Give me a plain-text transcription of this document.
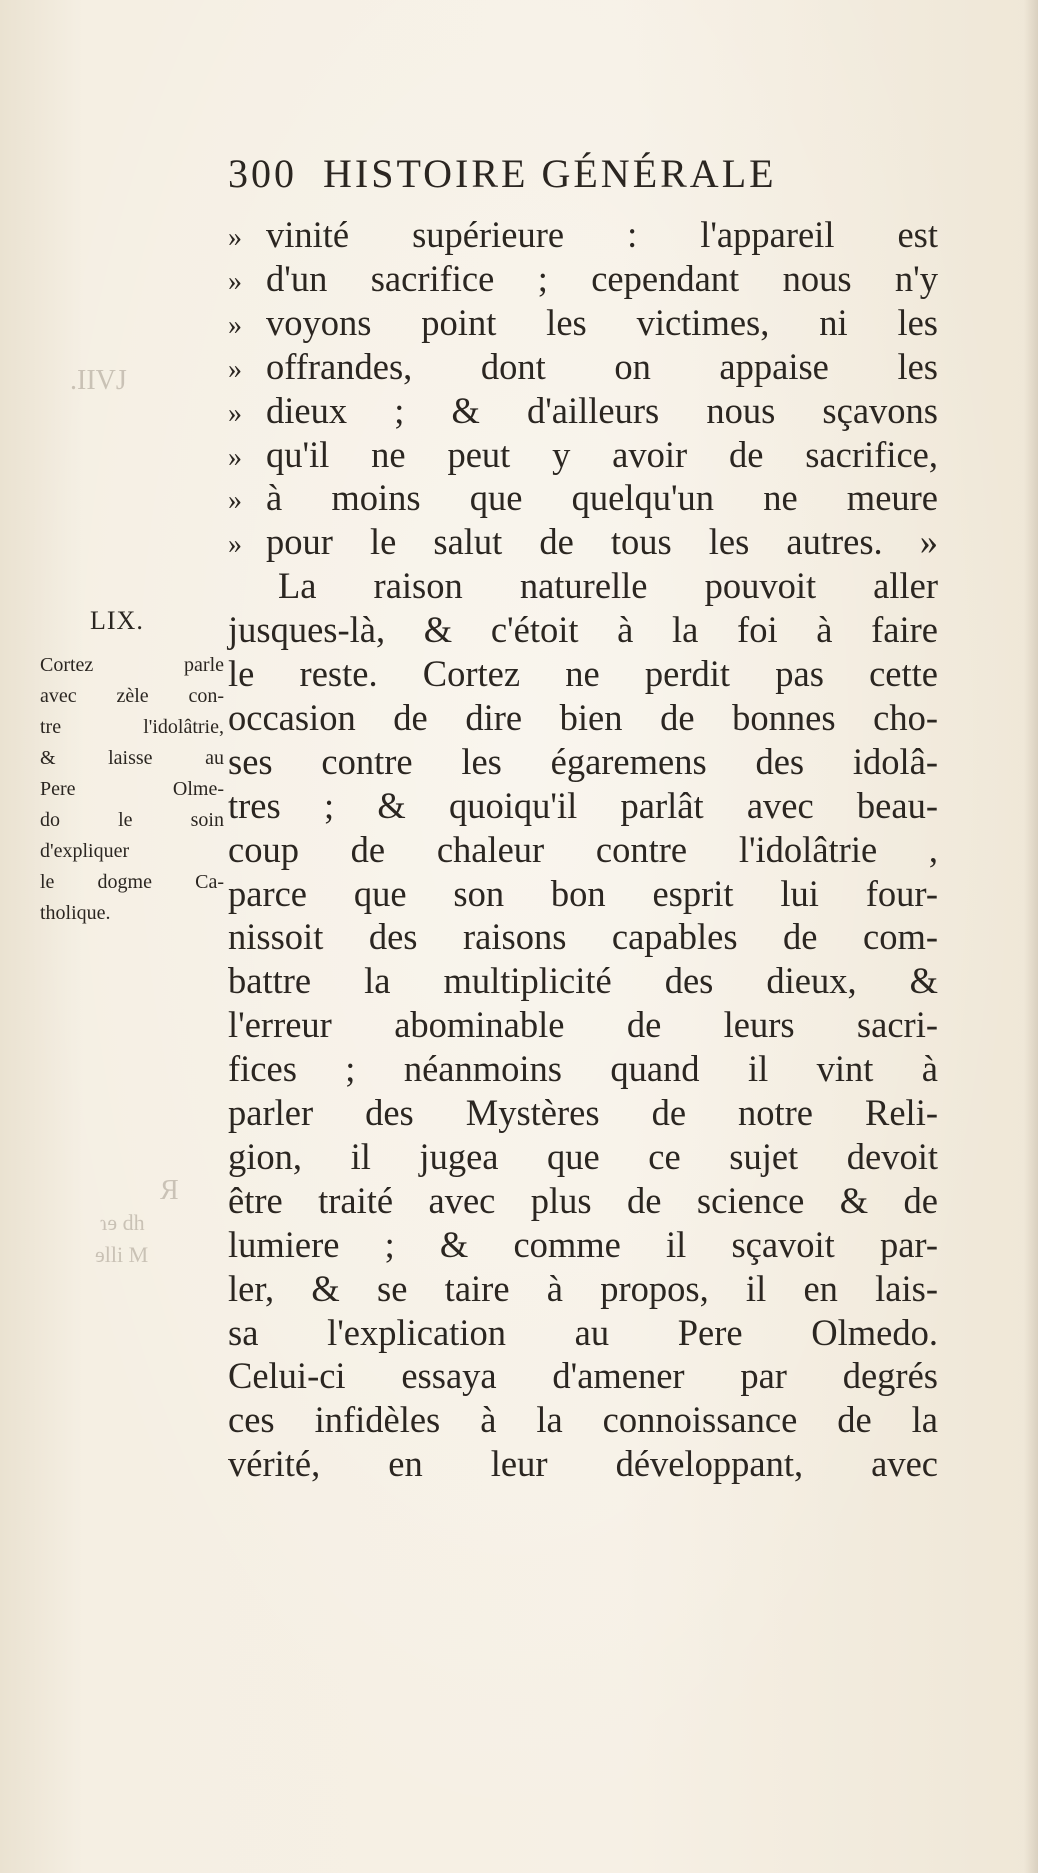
.IIVJ
Я
ɿɘ dh
ɘlli M
300 HISTOIRE GÉNÉRALE
LIX.
Cortez parle
avec zèle con-
tre l'idolâtrie,
& laisse au
Pere Olme-
do le soin
d'expliquer
le dogme Ca-
tholique.
» vinité supérieure : l'appareil est
» d'un sacrifice ; cependant nous n'y
» voyons point les victimes, ni les
» offrandes, dont on appaise les
» dieux ; & d'ailleurs nous sçavons
» qu'il ne peut y avoir de sacrifice,
» à moins que quelqu'un ne meure
» pour le salut de tous les autres. »
La raison naturelle pouvoit aller
jusques-là, & c'étoit à la foi à faire
le reste. Cortez ne perdit pas cette
occasion de dire bien de bonnes cho-
ses contre les égaremens des idolâ-
tres ; & quoiqu'il parlât avec beau-
coup de chaleur contre l'idolâtrie ,
parce que son bon esprit lui four-
nissoit des raisons capables de com-
battre la multiplicité des dieux, &
l'erreur abominable de leurs sacri-
fices ; néanmoins quand il vint à
parler des Mystères de notre Reli-
gion, il jugea que ce sujet devoit
être traité avec plus de science & de
lumiere ; & comme il sçavoit par-
ler, & se taire à propos, il en lais-
sa l'explication au Pere Olmedo.
Celui-ci essaya d'amener par degrés
ces infidèles à la connoissance de la
vérité, en leur développant, avec
